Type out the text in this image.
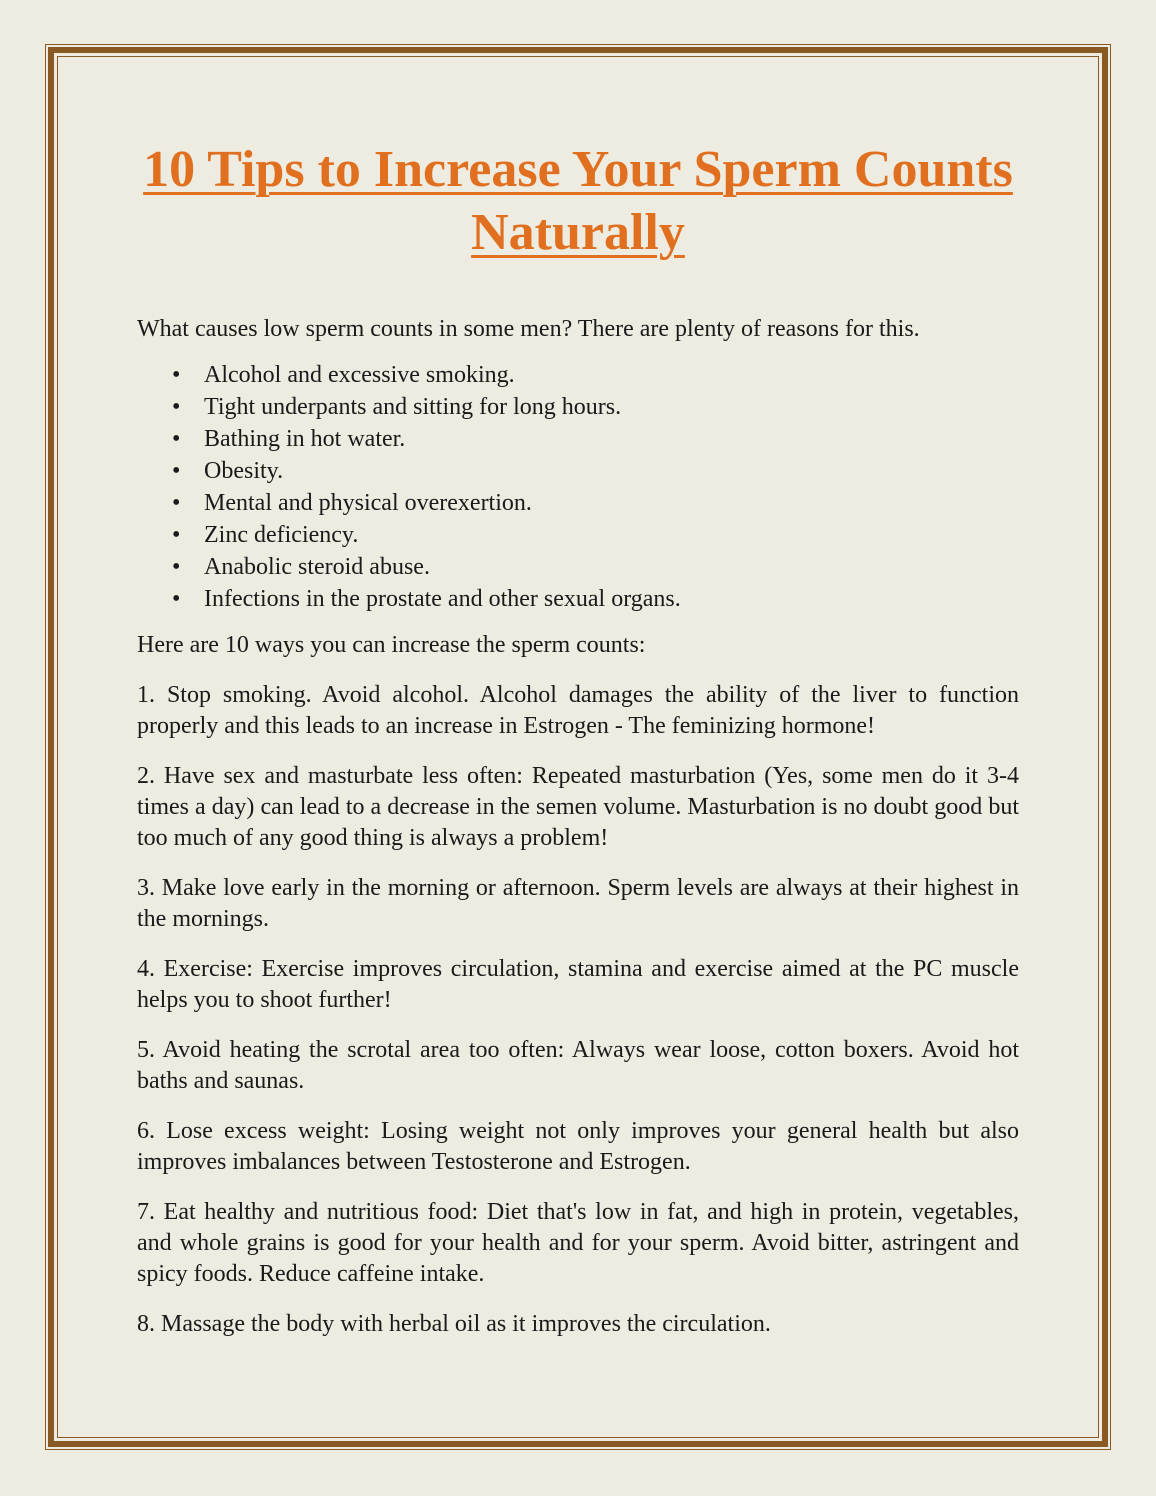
10 Tips to Increase Your Sperm Counts Naturally

What causes low sperm counts in some men? There are plenty of reasons for this.

• Alcohol and excessive smoking.
• Tight underpants and sitting for long hours.
• Bathing in hot water.
• Obesity.
• Mental and physical overexertion.
• Zinc deficiency.
• Anabolic steroid abuse.
• Infections in the prostate and other sexual organs.

Here are 10 ways you can increase the sperm counts:

1. Stop smoking. Avoid alcohol. Alcohol damages the ability of the liver to function properly and this leads to an increase in Estrogen - The feminizing hormone!

2. Have sex and masturbate less often: Repeated masturbation (Yes, some men do it 3-4 times a day) can lead to a decrease in the semen volume. Masturbation is no doubt good but too much of any good thing is always a problem!

3. Make love early in the morning or afternoon. Sperm levels are always at their highest in the mornings.

4. Exercise: Exercise improves circulation, stamina and exercise aimed at the PC muscle helps you to shoot further!

5. Avoid heating the scrotal area too often: Always wear loose, cotton boxers. Avoid hot baths and saunas.

6. Lose excess weight: Losing weight not only improves your general health but also improves imbalances between Testosterone and Estrogen.

7. Eat healthy and nutritious food: Diet that's low in fat, and high in protein, vegetables, and whole grains is good for your health and for your sperm. Avoid bitter, astringent and spicy foods. Reduce caffeine intake.

8. Massage the body with herbal oil as it improves the circulation.
